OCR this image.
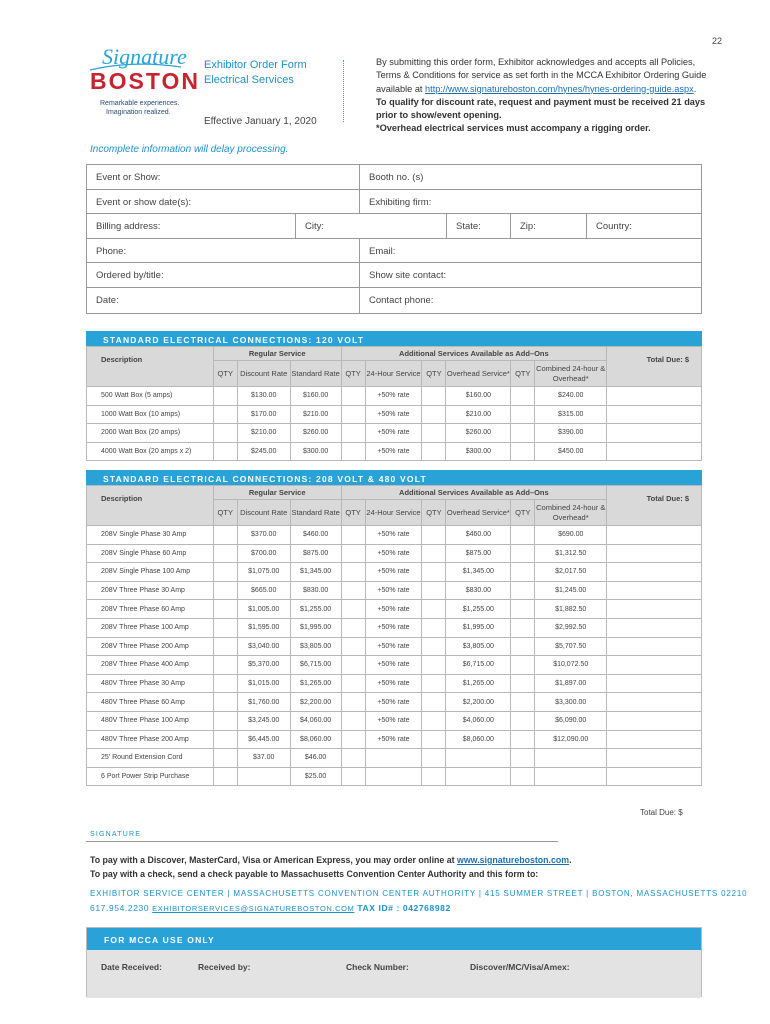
22
Signature
BOSTON
Remarkable experiences.
Imagination realized.
Exhibitor Order Form
Electrical Services
Effective January 1, 2020
By submitting this order form, Exhibitor acknowledges and accepts all Policies, Terms & Conditions for service as set forth in the MCCA Exhibitor Ordering Guide available at http://www.signatureboston.com/hynes/hynes-ordering-guide.aspx.
To qualify for discount rate, request and payment must be received 21 days prior to show/event opening.
*Overhead electrical services must accompany a rigging order.
Incomplete information will delay processing.
Event or Show:	Booth no. (s)
Event or show date(s):	Exhibiting firm:
Billing address:	City:	State:	Zip:	Country:
Phone:	Email:
Ordered by/title:	Show site contact:
Date:	Contact phone:
STANDARD ELECTRICAL CONNECTIONS: 120 VOLT
Description	Regular Service			Additional Services Available as Add–Ons						Total Due: $
	QTY	Discount Rate	Standard Rate	QTY	24-Hour Service	QTY	Overhead Service*	QTY	Combined 24-hour & Overhead*	
500 Watt Box (5 amps)		$130.00	$160.00		+50% rate		$160.00		$240.00	
1000 Watt Box (10 amps)		$170.00	$210.00		+50% rate		$210.00		$315.00	
2000 Watt Box (20 amps)		$210.00	$260.00		+50% rate		$260.00		$390.00	
4000 Watt Box (20 amps x 2)		$245.00	$300.00		+50% rate		$300.00		$450.00	
STANDARD ELECTRICAL CONNECTIONS: 208 VOLT & 480 VOLT
Description	Regular Service			Additional Services Available as Add–Ons						Total Due: $
	QTY	Discount Rate	Standard Rate	QTY	24-Hour Service	QTY	Overhead Service*	QTY	Combined 24-hour & Overhead*	
208V Single Phase 30 Amp		$370.00	$460.00		+50% rate		$460.00		$690.00	
208V Single Phase 60 Amp		$700.00	$875.00		+50% rate		$875.00		$1,312.50	
208V Single Phase 100 Amp		$1,075.00	$1,345.00		+50% rate		$1,345.00		$2,017.50	
208V Three Phase 30 Amp		$665.00	$830.00		+50% rate		$830.00		$1,245.00	
208V Three Phase 60 Amp		$1,005.00	$1,255.00		+50% rate		$1,255.00		$1,882.50	
208V Three Phase 100 Amp		$1,595.00	$1,995.00		+50% rate		$1,995.00		$2,992.50	
208V Three Phase 200 Amp		$3,040.00	$3,805.00		+50% rate		$3,805.00		$5,707.50	
208V Three Phase 400 Amp		$5,370.00	$6,715.00		+50% rate		$6,715.00		$10,072.50	
480V Three Phase 30 Amp		$1,015.00	$1,265.00		+50% rate		$1,265.00		$1,897.00	
480V Three Phase 60 Amp		$1,760.00	$2,200.00		+50% rate		$2,200.00		$3,300.00	
480V Three Phase 100 Amp		$3,245.00	$4,060.00		+50% rate		$4,060.00		$6,090.00	
480V Three Phase 200 Amp		$6,445.00	$8,060.00		+50% rate		$8,060.00		$12,090.00	
25' Round Extension Cord		$37.00	$46.00							
6 Port Power Strip Purchase			$25.00							
Total Due: $
SIGNATURE
To pay with a Discover, MasterCard, Visa or American Express, you may order online at www.signatureboston.com.
To pay with a check, send a check payable to Massachusetts Convention Center Authority and this form to:
EXHIBITOR SERVICE CENTER | MASSACHUSETTS CONVENTION CENTER AUTHORITY | 415 SUMMER STREET | BOSTON, MASSACHUSETTS 02210
617.954.2230 EXHIBITORSERVICES@SIGNATUREBOSTON.COM TAX ID# : 042768982
FOR MCCA USE ONLY
Date Received:	Received by:	Check Number:	Discover/MC/Visa/Amex:
